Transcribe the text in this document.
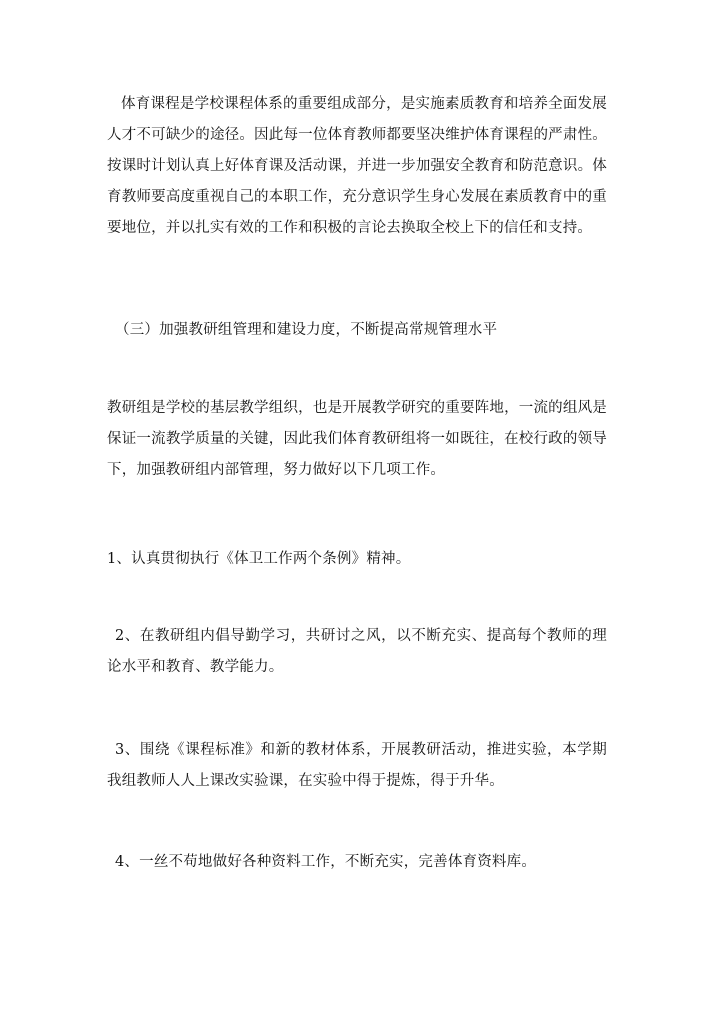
体育课程是学校课程体系的重要组成部分，是实施素质教育和培养全面发展人才不可缺少的途径。因此每一位体育教师都要坚决维护体育课程的严肃性。按课时计划认真上好体育课及活动课，并进一步加强安全教育和防范意识。体育教师要高度重视自己的本职工作，充分意识学生身心发展在素质教育中的重要地位，并以扎实有效的工作和积极的言论去换取全校上下的信任和支持。

（三）加强教研组管理和建设力度，不断提高常规管理水平

教研组是学校的基层教学组织，也是开展教学研究的重要阵地，一流的组风是保证一流教学质量的关键，因此我们体育教研组将一如既往，在校行政的领导下，加强教研组内部管理，努力做好以下几项工作。

1、认真贯彻执行《体卫工作两个条例》精神。

2、在教研组内倡导勤学习，共研讨之风，以不断充实、提高每个教师的理论水平和教育、教学能力。

3、围绕《课程标准》和新的教材体系，开展教研活动，推进实验，本学期我组教师人人上课改实验课，在实验中得于提炼，得于升华。

4、一丝不苟地做好各种资料工作，不断充实，完善体育资料库。
